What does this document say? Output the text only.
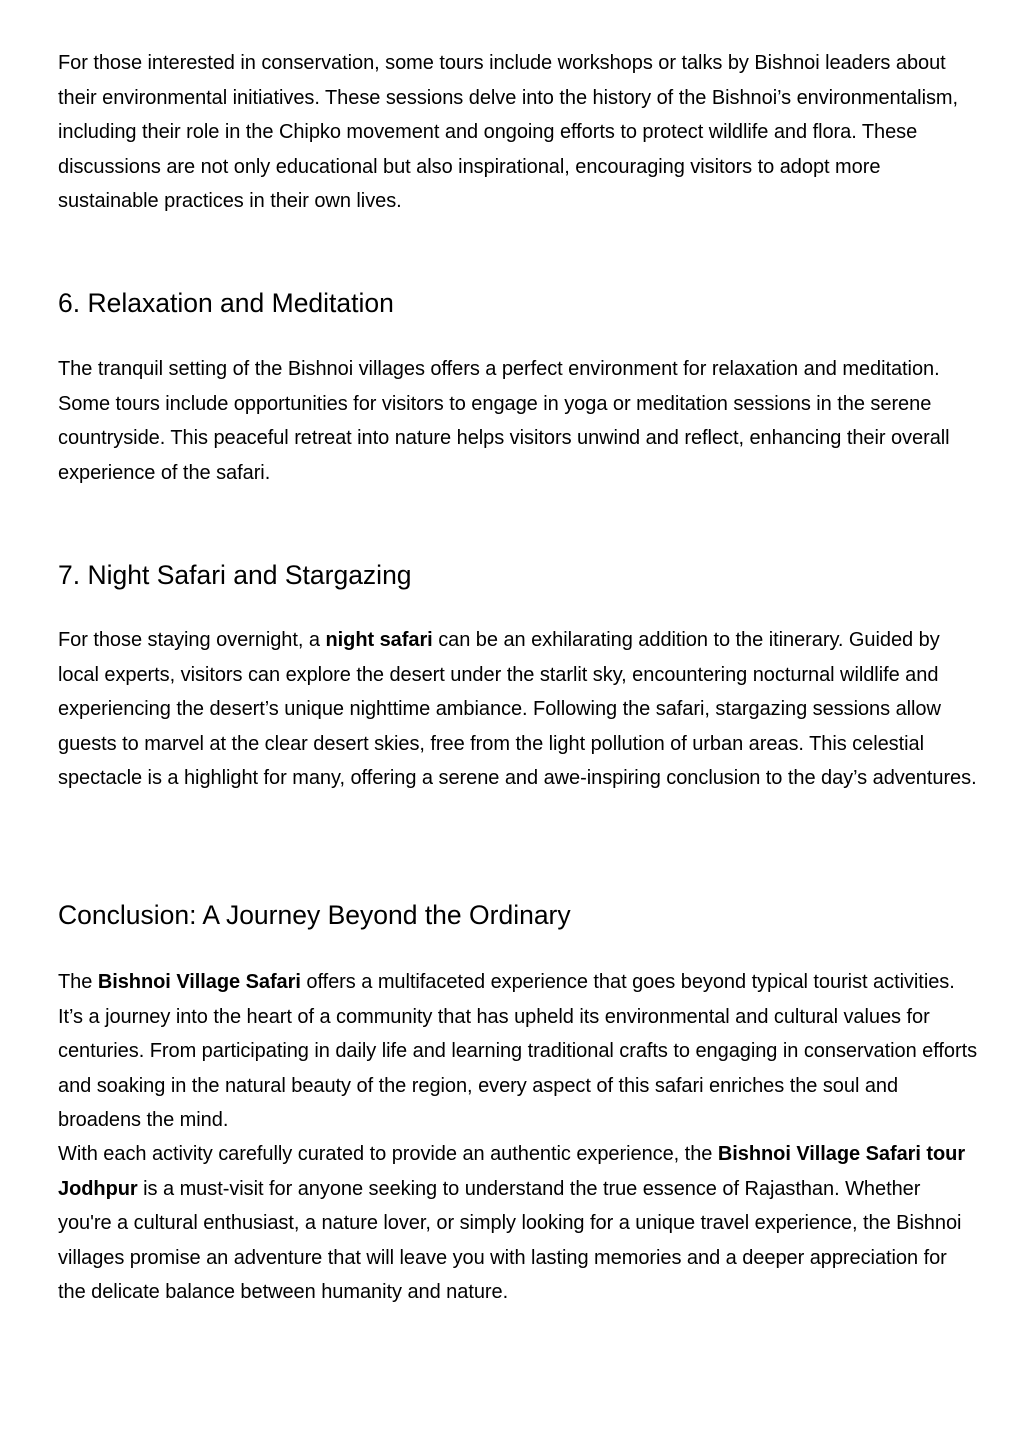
For those interested in conservation, some tours include workshops or talks by Bishnoi leaders about their environmental initiatives. These sessions delve into the history of the Bishnoi’s environmentalism, including their role in the Chipko movement and ongoing efforts to protect wildlife and flora. These discussions are not only educational but also inspirational, encouraging visitors to adopt more sustainable practices in their own lives.

6. Relaxation and Meditation

The tranquil setting of the Bishnoi villages offers a perfect environment for relaxation and meditation. Some tours include opportunities for visitors to engage in yoga or meditation sessions in the serene countryside. This peaceful retreat into nature helps visitors unwind and reflect, enhancing their overall experience of the safari.

7. Night Safari and Stargazing

For those staying overnight, a night safari can be an exhilarating addition to the itinerary. Guided by local experts, visitors can explore the desert under the starlit sky, encountering nocturnal wildlife and experiencing the desert’s unique nighttime ambiance. Following the safari, stargazing sessions allow guests to marvel at the clear desert skies, free from the light pollution of urban areas. This celestial spectacle is a highlight for many, offering a serene and awe-inspiring conclusion to the day’s adventures.

Conclusion: A Journey Beyond the Ordinary

The Bishnoi Village Safari offers a multifaceted experience that goes beyond typical tourist activities. It’s a journey into the heart of a community that has upheld its environmental and cultural values for centuries. From participating in daily life and learning traditional crafts to engaging in conservation efforts and soaking in the natural beauty of the region, every aspect of this safari enriches the soul and broadens the mind.

With each activity carefully curated to provide an authentic experience, the Bishnoi Village Safari tour Jodhpur is a must-visit for anyone seeking to understand the true essence of Rajasthan. Whether you're a cultural enthusiast, a nature lover, or simply looking for a unique travel experience, the Bishnoi villages promise an adventure that will leave you with lasting memories and a deeper appreciation for the delicate balance between humanity and nature.
